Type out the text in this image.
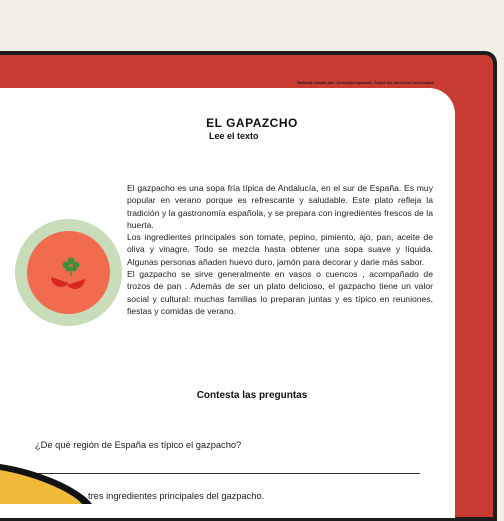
Material creado por: @rosajimespanish. Todos los derechos reservados
EL GAPAZCHO
Lee el texto

El gazpacho es una sopa fría típica de Andalucía, en el sur de España. Es muy popular en verano porque es refrescante y saludable. Este plato refleja la tradición y la gastronomía española, y se prepara con ingredientes frescos de la huerta.

Los ingredientes principales son tomate, pepino, pimiento, ajo, pan, aceite de oliva y vinagre. Todo se mezcla hasta obtener una sopa suave y líquida. Algunas personas añaden huevo duro, jamón para decorar y darle más sabor.

El gazpacho se sirve generalmente en vasos o cuencos , acompañado de trozos de pan . Además de ser un plato delicioso, el gazpacho tiene un valor social y cultural: muchas familias lo preparan juntas y es típico en reuniones, fiestas y comidas de verano.

Contesta las preguntas
¿De qué región de España es típico el gazpacho?
tres ingredientes principales del gazpacho.
